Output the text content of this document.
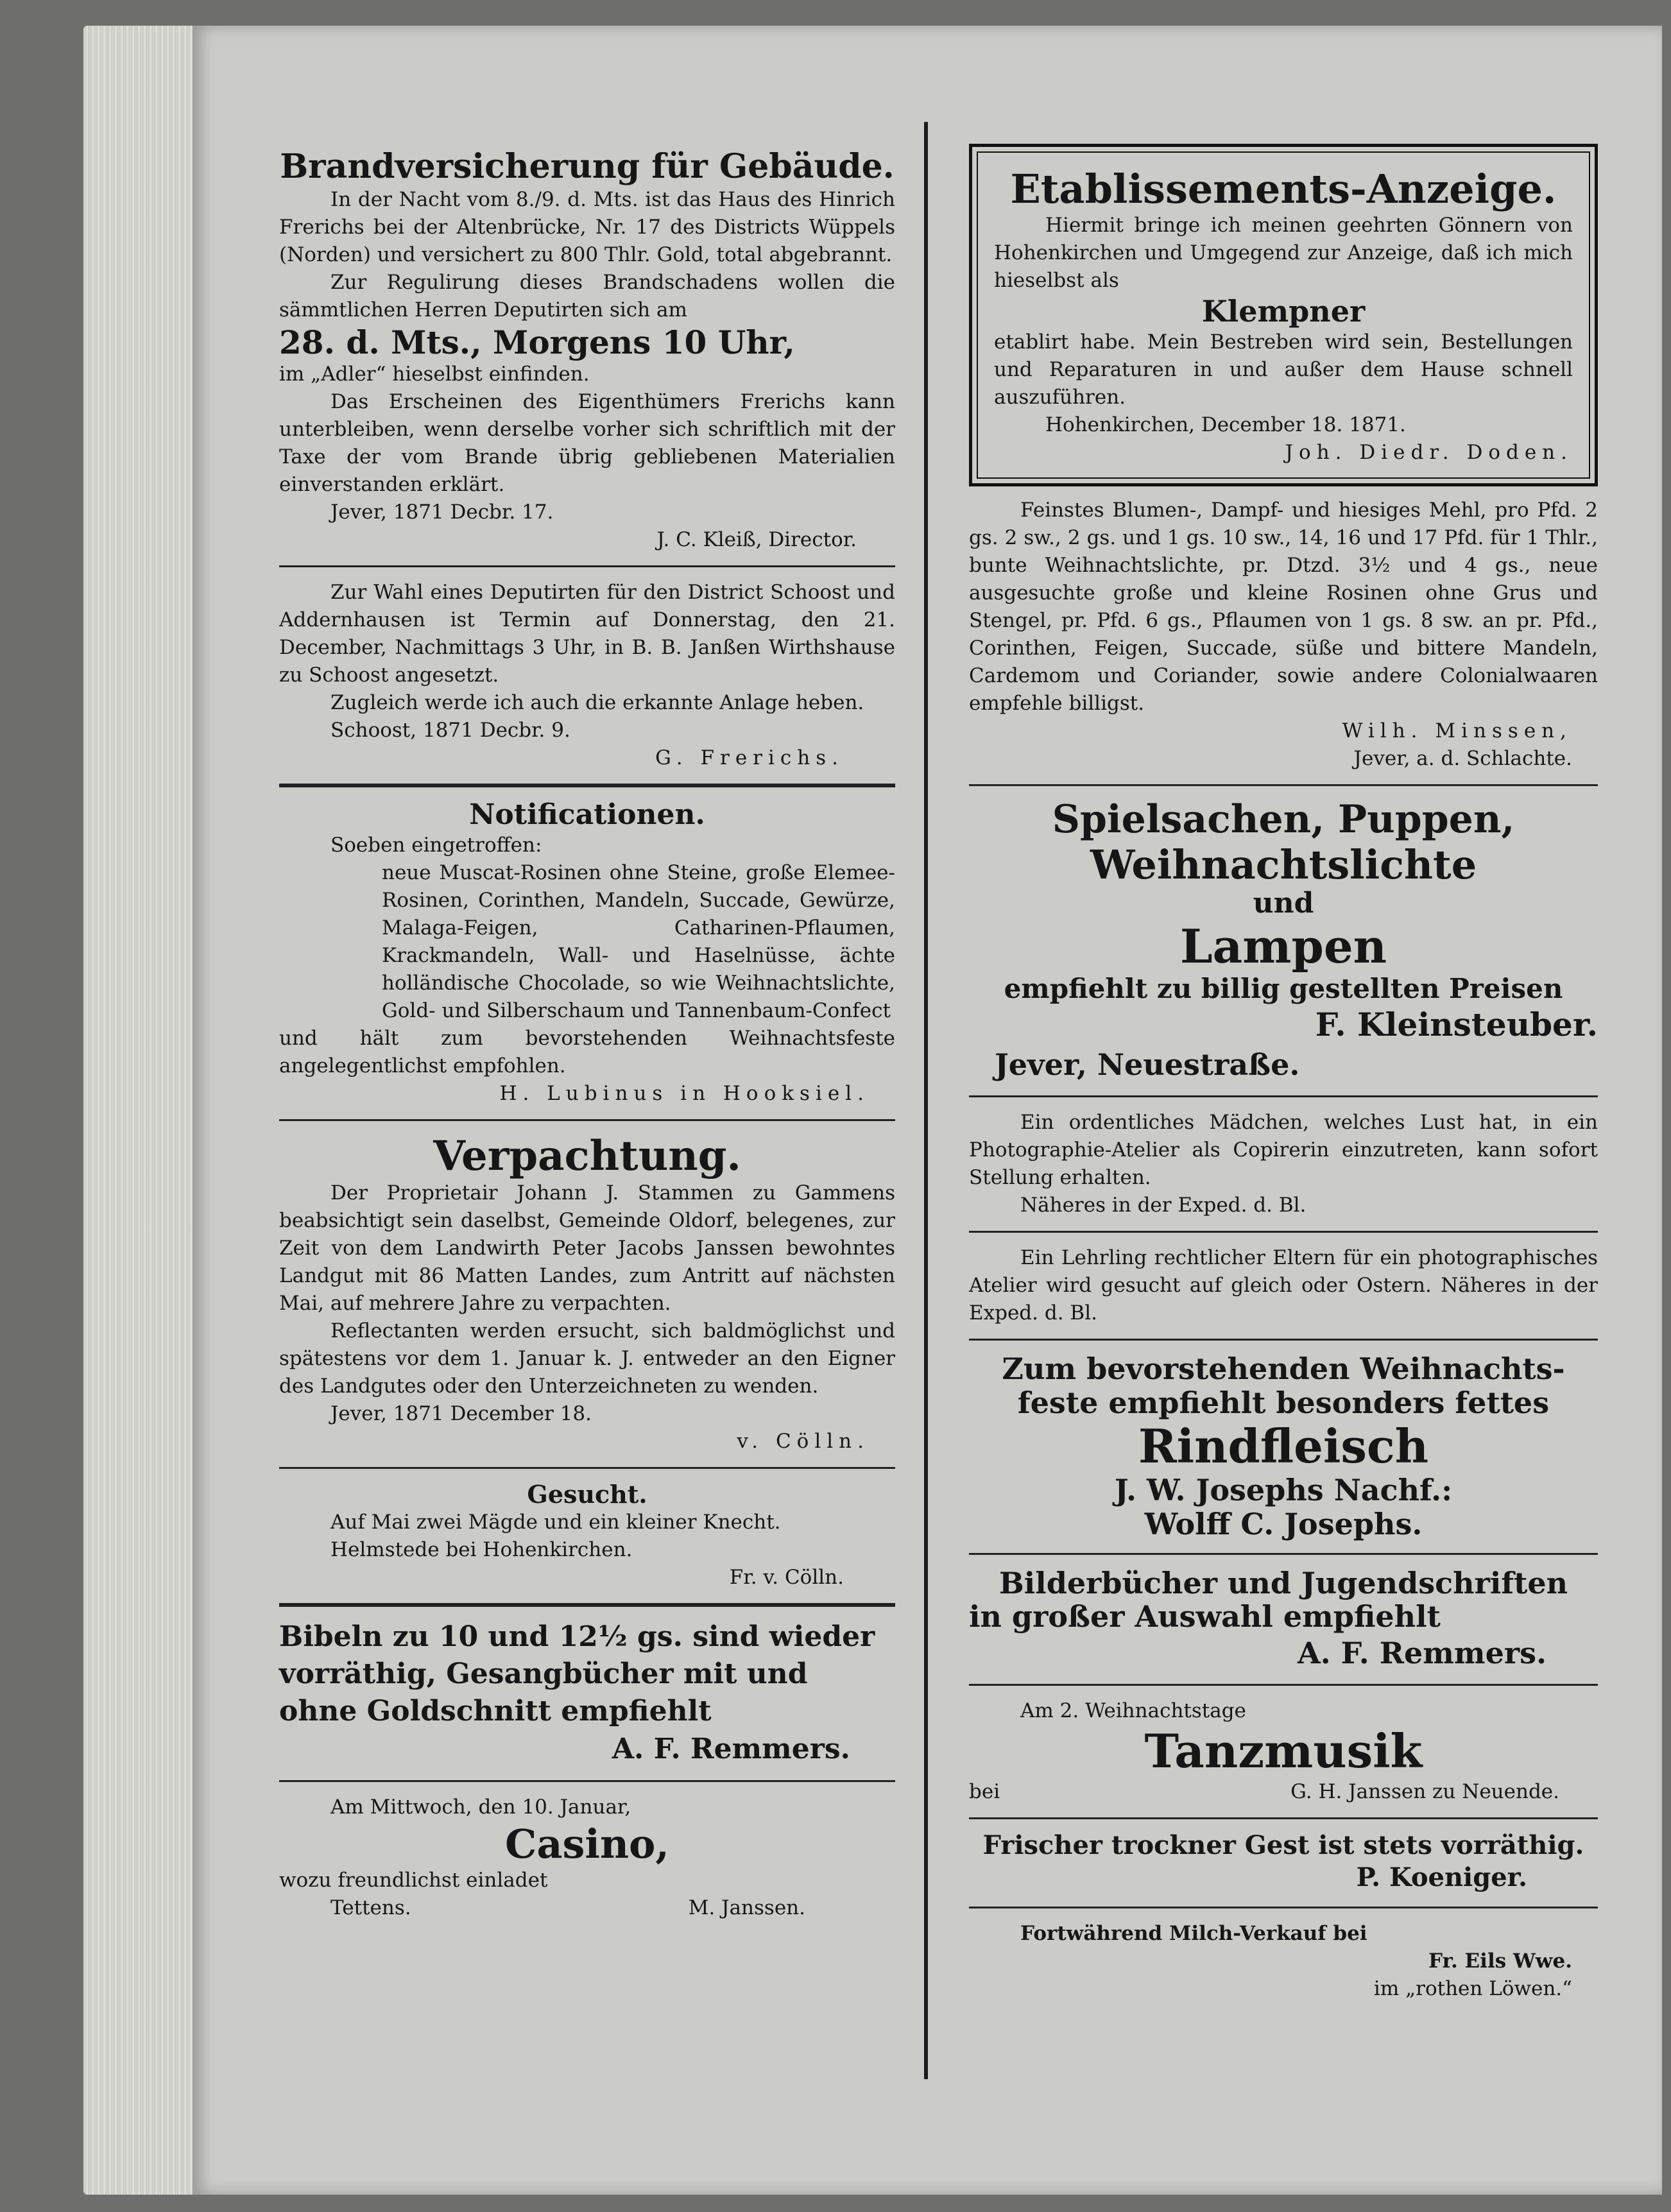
Brandversicherung für Gebäude.

In der Nacht vom 8./9. d. Mts. ist das Haus des Hinrich Frerichs bei der Altenbrücke, Nr. 17 des Districts Wüppels (Norden) und versichert zu 800 Thlr. Gold, total abgebrannt.

Zur Regulirung dieses Brandschadens wollen die sämmtlichen Herren Deputirten sich am

28. d. Mts., Morgens 10 Uhr,

im „Adler“ hieselbst einfinden.

Das Erscheinen des Eigenthümers Frerichs kann unterbleiben, wenn derselbe vorher sich schriftlich mit der Taxe der vom Brande übrig gebliebenen Materialien einverstanden erklärt.

Jever, 1871 Decbr. 17.

J. C. Kleiß, Director.

Zur Wahl eines Deputirten für den District Schoost und Addernhausen ist Termin auf Donnerstag, den 21. December, Nachmittags 3 Uhr, in B. B. Janßen Wirthshause zu Schoost angesetzt.

Zugleich werde ich auch die erkannte Anlage heben.

Schoost, 1871 Decbr. 9.

G. Frerichs.

Notificationen.

Soeben eingetroffen:

neue Muscat-Rosinen ohne Steine, große Elemee-Rosinen, Corinthen, Mandeln, Succade, Gewürze, Malaga-Feigen, Catharinen-Pflaumen, Krackmandeln, Wall- und Haselnüsse, ächte holländische Chocolade, so wie Weihnachtslichte, Gold- und Silberschaum und Tannenbaum-Confect

und hält zum bevorstehenden Weihnachtsfeste angelegentlichst empfohlen.

H. Lubinus in Hooksiel.

Verpachtung.

Der Proprietair Johann J. Stammen zu Gammens beabsichtigt sein daselbst, Gemeinde Oldorf, belegenes, zur Zeit von dem Landwirth Peter Jacobs Janssen bewohntes Landgut mit 86 Matten Landes, zum Antritt auf nächsten Mai, auf mehrere Jahre zu verpachten.

Reflectanten werden ersucht, sich baldmöglichst und spätestens vor dem 1. Januar k. J. entweder an den Eigner des Landgutes oder den Unterzeichneten zu wenden.

Jever, 1871 December 18.

v. Cölln.

Gesucht.

Auf Mai zwei Mägde und ein kleiner Knecht.

Helmstede bei Hohenkirchen.

Fr. v. Cölln.

Bibeln zu 10 und 12½ gs. sind wieder vorräthig, Gesangbücher mit und ohne Goldschnitt empfiehlt

A. F. Remmers.

Am Mittwoch, den 10. Januar,

Casino,

wozu freundlichst einladet

Tettens.	M. Janssen.

Etablissements-Anzeige.

Hiermit bringe ich meinen geehrten Gönnern von Hohenkirchen und Umgegend zur Anzeige, daß ich mich hieselbst als

Klempner

etablirt habe. Mein Bestreben wird sein, Bestellungen und Reparaturen in und außer dem Hause schnell auszuführen.

Hohenkirchen, December 18. 1871.

Joh. Diedr. Doden.

Feinstes Blumen-, Dampf- und hiesiges Mehl, pro Pfd. 2 gs. 2 sw., 2 gs. und 1 gs. 10 sw., 14, 16 und 17 Pfd. für 1 Thlr., bunte Weihnachtslichte, pr. Dtzd. 3½ und 4 gs., neue ausgesuchte große und kleine Rosinen ohne Grus und Stengel, pr. Pfd. 6 gs., Pflaumen von 1 gs. 8 sw. an pr. Pfd., Corinthen, Feigen, Succade, süße und bittere Mandeln, Cardemom und Coriander, sowie andere Colonialwaaren empfehle billigst.

Wilh. Minssen,

Jever, a. d. Schlachte.

Spielsachen, Puppen,

Weihnachtslichte

und

Lampen

empfiehlt zu billig gestellten Preisen

F. Kleinsteuber.

Jever, Neuestraße.

Ein ordentliches Mädchen, welches Lust hat, in ein Photographie-Atelier als Copirerin einzutreten, kann sofort Stellung erhalten.

Näheres in der Exped. d. Bl.

Ein Lehrling rechtlicher Eltern für ein photographisches Atelier wird gesucht auf gleich oder Ostern. Näheres in der Exped. d. Bl.

Zum bevorstehenden Weihnachts-

feste empfiehlt besonders fettes

Rindfleisch

J. W. Josephs Nachf.:

Wolff C. Josephs.

Bilderbücher und Jugendschriften

in großer Auswahl empfiehlt

A. F. Remmers.

Am 2. Weihnachtstage

Tanzmusik

bei	G. H. Janssen zu Neuende.

Frischer trockner Gest ist stets vorräthig.

P. Koeniger.

Fortwährend Milch-Verkauf bei

Fr. Eils Wwe.

im „rothen Löwen.“
